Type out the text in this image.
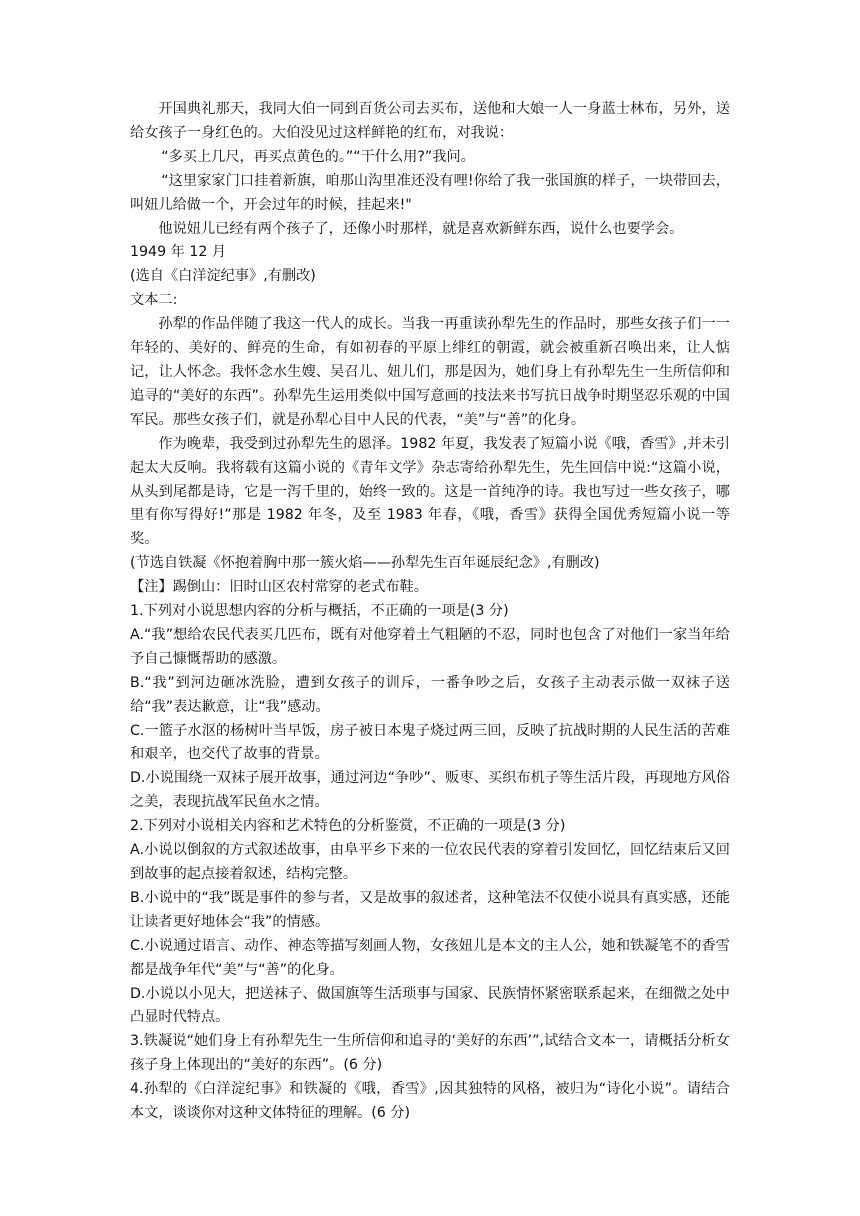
开国典礼那天，我同大伯一同到百货公司去买布，送他和大娘一人一身蓝士林布，另外，送给女孩子一身红色的。大伯没见过这样鲜艳的红布，对我说：

“多买上几尺，再买点黄色的。”“干什么用?”我问。

“这里家家门口挂着新旗，咱那山沟里准还没有哩!你给了我一张国旗的样子，一块带回去，叫妞儿给做一个，开会过年的时候，挂起来!"

他说妞儿已经有两个孩子了，还像小时那样，就是喜欢新鲜东西，说什么也要学会。

1949 年 12 月

(选自《白洋淀纪事》,有删改)

文本二:

孙犁的作品伴随了我这一代人的成长。当我一再重读孙犁先生的作品时，那些女孩子们一一年轻的、美好的、鲜亮的生命，有如初春的平原上绯红的朝霞，就会被重新召唤出来，让人惦记，让人怀念。我怀念水生嫂、吴召儿、妞儿们，那是因为，她们身上有孙犁先生一生所信仰和追寻的“美好的东西”。孙犁先生运用类似中国写意画的技法来书写抗日战争时期坚忍乐观的中国军民。那些女孩子们，就是孙犁心目中人民的代表，“美”与“善”的化身。

作为晚辈，我受到过孙犁先生的恩泽。1982 年夏，我发表了短篇小说《哦，香雪》,并未引起太大反响。我将载有这篇小说的《青年文学》杂志寄给孙犁先生，先生回信中说:“这篇小说，从头到尾都是诗，它是一泻千里的，始终一致的。这是一首纯净的诗。我也写过一些女孩子，哪里有你写得好!”那是 1982 年冬，及至 1983 年春，《哦，香雪》获得全国优秀短篇小说一等奖。

(节选自铁凝《怀抱着胸中那一簇火焰——孙犁先生百年诞辰纪念》,有删改)

【注】踢倒山：旧时山区农村常穿的老式布鞋。

1.下列对小说思想内容的分析与概括，不正确的一项是(3 分)

A.“我”想给农民代表买几匹布，既有对他穿着土气粗陋的不忍，同时也包含了对他们一家当年给予自己慷慨帮助的感激。

B.“我”到河边砸冰洗脸，遭到女孩子的训斥，一番争吵之后，女孩子主动表示做一双袜子送给“我”表达歉意，让“我”感动。

C.一篮子水沤的杨树叶当早饭，房子被日本鬼子烧过两三回，反映了抗战时期的人民生活的苦难和艰辛，也交代了故事的背景。

D.小说围绕一双袜子展开故事，通过河边“争吵”、贩枣、买织布机子等生活片段，再现地方风俗之美，表现抗战军民鱼水之情。

2.下列对小说相关内容和艺术特色的分析鉴赏，不正确的一项是(3 分)

A.小说以倒叙的方式叙述故事，由阜平乡下来的一位农民代表的穿着引发回忆，回忆结束后又回到故事的起点接着叙述，结构完整。

B.小说中的“我”既是事件的参与者，又是故事的叙述者，这种笔法不仅使小说具有真实感，还能让读者更好地体会“我”的情感。

C.小说通过语言、动作、神态等描写刻画人物，女孩妞儿是本文的主人公，她和铁凝笔不的香雪都是战争年代“美”与“善”的化身。

D.小说以小见大，把送袜子、做国旗等生活琐事与国家、民族情怀紧密联系起来，在细微之处中凸显时代特点。

3.铁凝说“她们身上有孙犁先生一生所信仰和追寻的‘美好的东西’”,试结合文本一，请概括分析女孩子身上体现出的“美好的东西”。(6 分)

4.孙犁的《白洋淀纪事》和铁凝的《哦，香雪》,因其独特的风格，被归为“诗化小说”。请结合本文，谈谈你对这种文体特征的理解。(6 分)
